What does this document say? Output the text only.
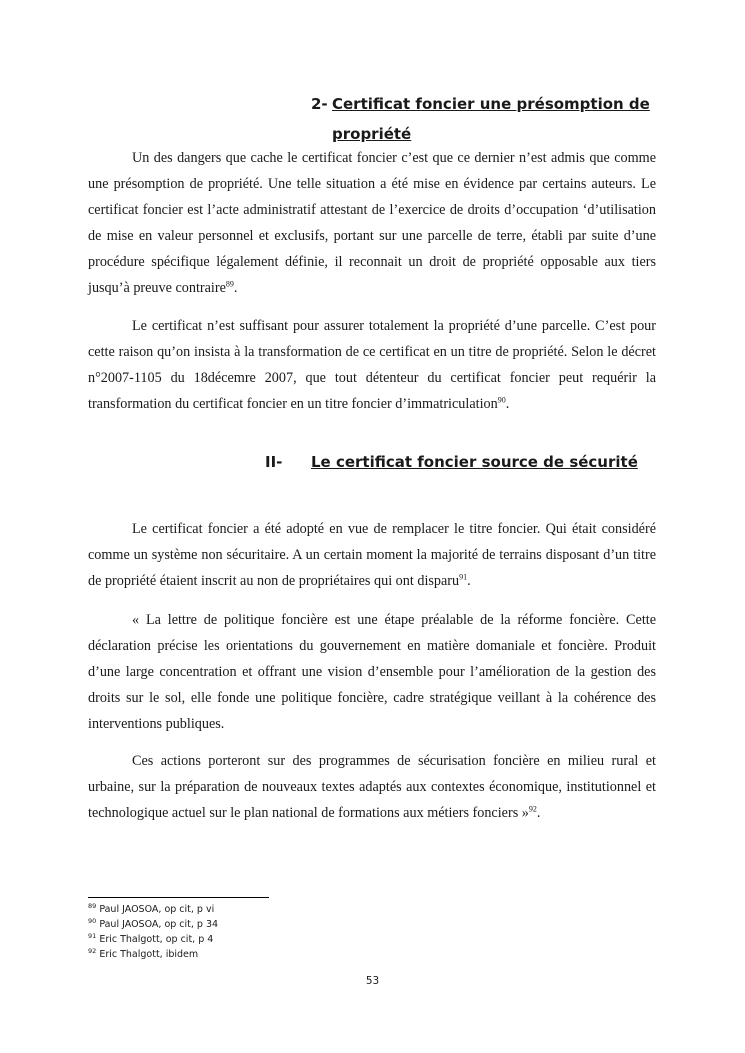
2- Certificat foncier une présomption de propriété

Un des dangers que cache le certificat foncier c’est que ce dernier n’est admis que comme une présomption de propriété. Une telle situation a été mise en évidence par certains auteurs. Le certificat foncier est l’acte administratif attestant de l’exercice de droits d’occupation ‘d’utilisation de mise en valeur personnel et exclusifs, portant sur une parcelle de terre, établi par suite d’une procédure spécifique légalement définie, il reconnait un droit de propriété opposable aux tiers jusqu’à preuve contraire$^{89}$.

Le certificat n’est suffisant pour assurer totalement la propriété d’une parcelle. C’est pour cette raison qu’on insista à la transformation de ce certificat en un titre de propriété. Selon le décret n°2007-1105 du 18décemre 2007, que tout détenteur du certificat foncier peut requérir la transformation du certificat foncier en un titre foncier d’immatriculation$^{90}$.

II- Le certificat foncier source de sécurité

Le certificat foncier a été adopté en vue de remplacer le titre foncier. Qui était considéré comme un système non sécuritaire. A un certain moment la majorité de terrains disposant d’un titre de propriété étaient inscrit au non de propriétaires qui ont disparu$^{91}$.

« La lettre de politique foncière est une étape préalable de la réforme foncière. Cette déclaration précise les orientations du gouvernement en matière domaniale et foncière. Produit d’une large concentration et offrant une vision d’ensemble pour l’amélioration de la gestion des droits sur le sol, elle fonde une politique foncière, cadre stratégique veillant à la cohérence des interventions publiques.

Ces actions porteront sur des programmes de sécurisation foncière en milieu rural et urbaine, sur la préparation de nouveaux textes adaptés aux contextes économique, institutionnel et technologique actuel sur le plan national de formations aux métiers fonciers »$^{92}$.

$^{89}$ Paul JAOSOA, op cit, p vi
$^{90}$ Paul JAOSOA, op cit, p 34
$^{91}$ Eric Thalgott, op cit, p 4
$^{92}$ Eric Thalgott, ibidem
53
